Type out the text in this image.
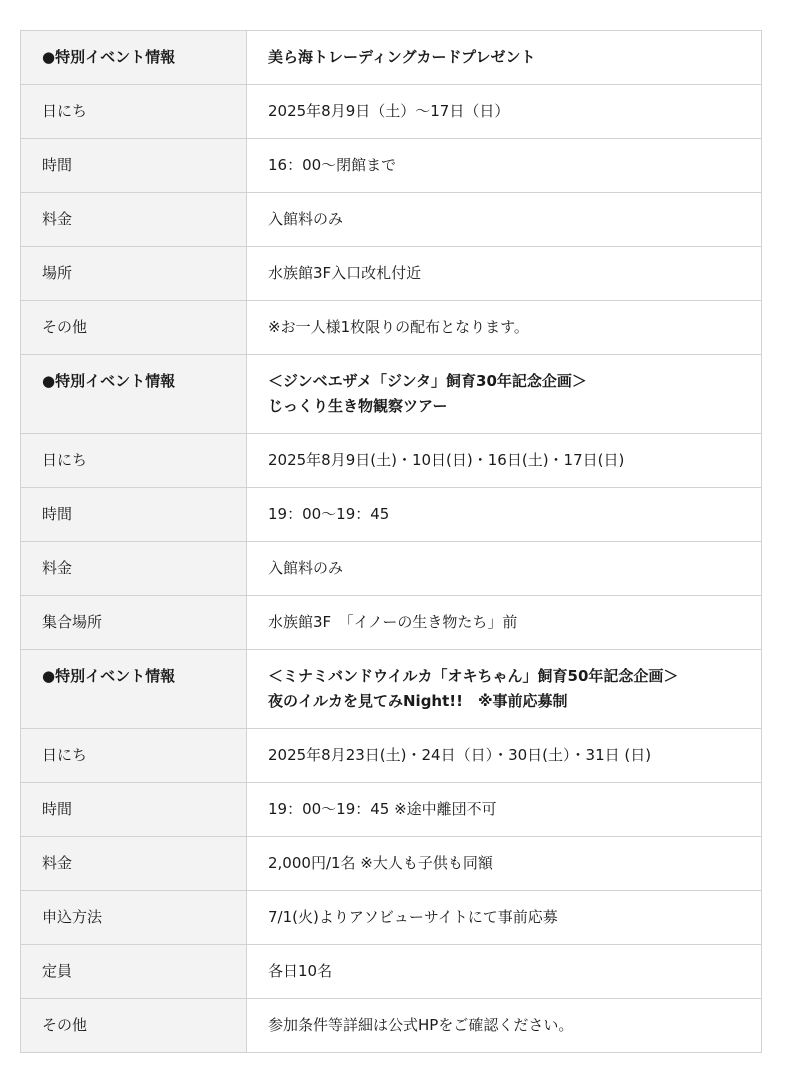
●特別イベント情報	美ら海トレーディングカードプレゼント

日にち	2025年8月9日（土）〜17日（日）

時間	16：00〜閉館まで

料金	入館料のみ

場所	水族館3F入口改札付近

その他	※お一人様1枚限りの配布となります。

●特別イベント情報	＜ジンベエザメ「ジンタ」飼育30年記念企画＞
じっくり生き物観察ツアー

日にち	2025年8月9日(土)・10日(日)・16日(土)・17日(日)

時間	19：00〜19：45

料金	入館料のみ

集合場所	水族館3F　「イノーの生き物たち」前

●特別イベント情報	＜ミナミバンドウイルカ「オキちゃん」飼育50年記念企画＞
夜のイルカを見てみNight!!　※事前応募制

日にち	2025年8月23日(土)・24日（日）・30日(土）・31日 (日)

時間	19：00〜19：45 ※途中離団不可

料金	2,000円/1名 ※大人も子供も同額

申込方法	7/1(火)よりアソビューサイトにて事前応募

定員	各日10名

その他	参加条件等詳細は公式HPをご確認ください。
